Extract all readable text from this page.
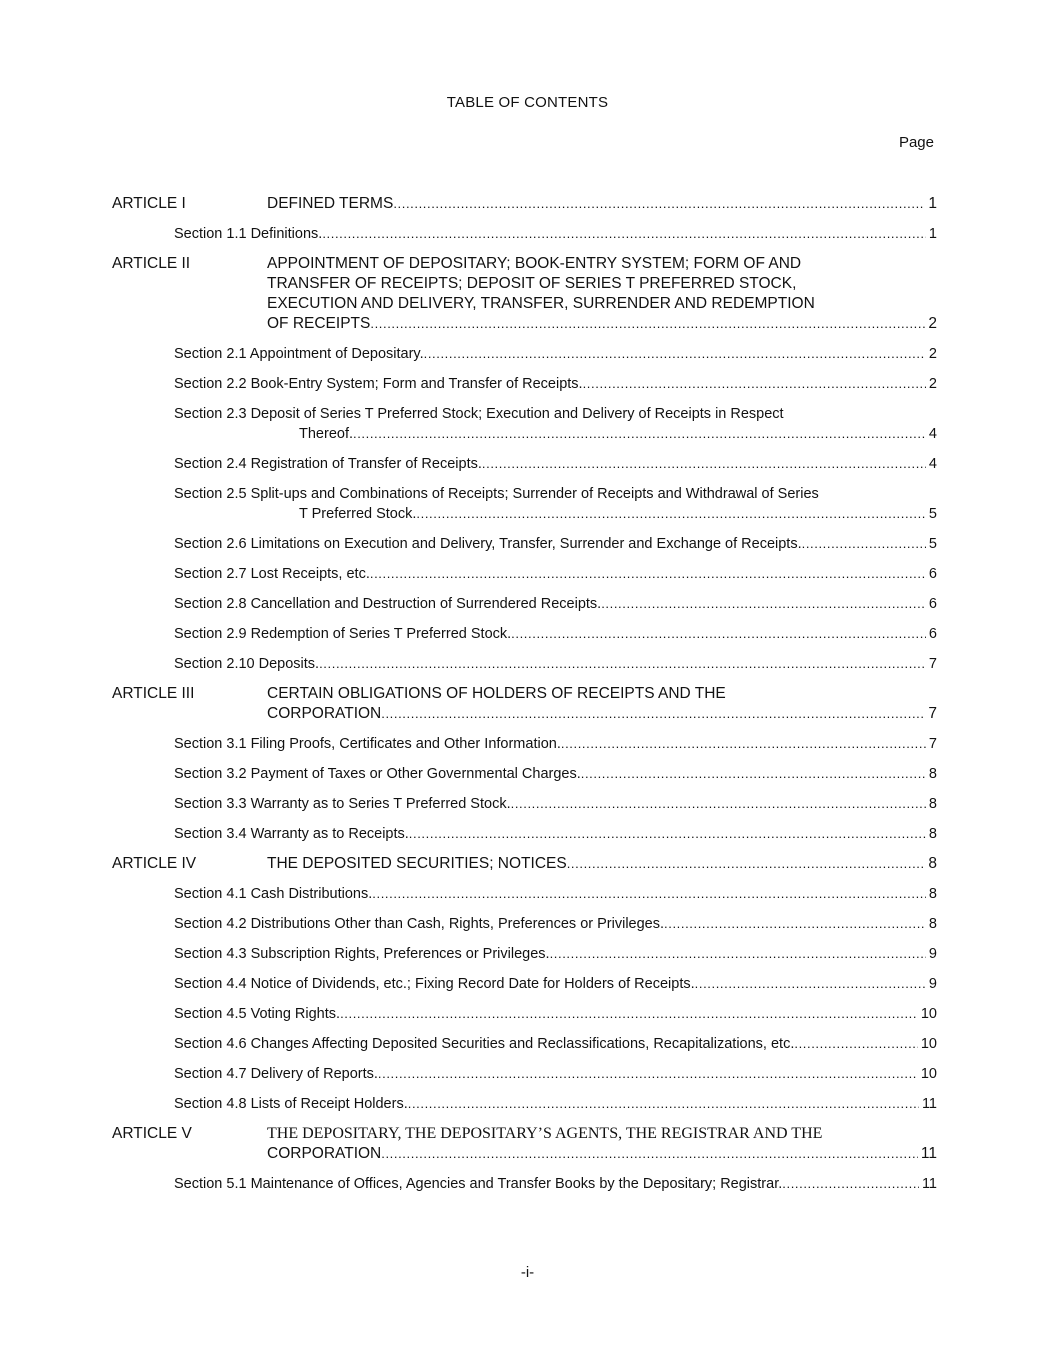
TABLE OF CONTENTS
Page
ARTICLE I	DEFINED TERMS .....	1
Section 1.1 Definitions. .....	1
ARTICLE II	APPOINTMENT OF DEPOSITARY; BOOK-ENTRY SYSTEM; FORM OF AND
TRANSFER OF RECEIPTS; DEPOSIT OF SERIES T PREFERRED STOCK,
EXECUTION AND DELIVERY, TRANSFER, SURRENDER AND REDEMPTION
OF RECEIPTS .....	2
Section 2.1 Appointment of Depositary. .....	2
Section 2.2 Book-Entry System; Form and Transfer of Receipts. .....	2
Section 2.3 Deposit of Series T Preferred Stock; Execution and Delivery of Receipts in Respect
Thereof. .....	4
Section 2.4 Registration of Transfer of Receipts. .....	4
Section 2.5 Split-ups and Combinations of Receipts; Surrender of Receipts and Withdrawal of Series
T Preferred Stock. .....	5
Section 2.6 Limitations on Execution and Delivery, Transfer, Surrender and Exchange of Receipts. .....	5
Section 2.7 Lost Receipts, etc. .....	6
Section 2.8 Cancellation and Destruction of Surrendered Receipts. .....	6
Section 2.9 Redemption of Series T Preferred Stock. .....	6
Section 2.10 Deposits. .....	7
ARTICLE III	CERTAIN OBLIGATIONS OF HOLDERS OF RECEIPTS AND THE
CORPORATION .....	7
Section 3.1 Filing Proofs, Certificates and Other Information. .....	7
Section 3.2 Payment of Taxes or Other Governmental Charges. .....	8
Section 3.3 Warranty as to Series T Preferred Stock. .....	8
Section 3.4 Warranty as to Receipts. .....	8
ARTICLE IV	THE DEPOSITED SECURITIES; NOTICES .....	8
Section 4.1 Cash Distributions. .....	8
Section 4.2 Distributions Other than Cash, Rights, Preferences or Privileges. .....	8
Section 4.3 Subscription Rights, Preferences or Privileges. .....	9
Section 4.4 Notice of Dividends, etc.; Fixing Record Date for Holders of Receipts. .....	9
Section 4.5 Voting Rights. .....	10
Section 4.6 Changes Affecting Deposited Securities and Reclassifications, Recapitalizations, etc. .....	10
Section 4.7 Delivery of Reports. .....	10
Section 4.8 Lists of Receipt Holders. .....	11
ARTICLE V	THE DEPOSITARY, THE DEPOSITARY’S AGENTS, THE REGISTRAR AND THE
CORPORATION .....	11
Section 5.1 Maintenance of Offices, Agencies and Transfer Books by the Depositary; Registrar. .....	11
-i-
